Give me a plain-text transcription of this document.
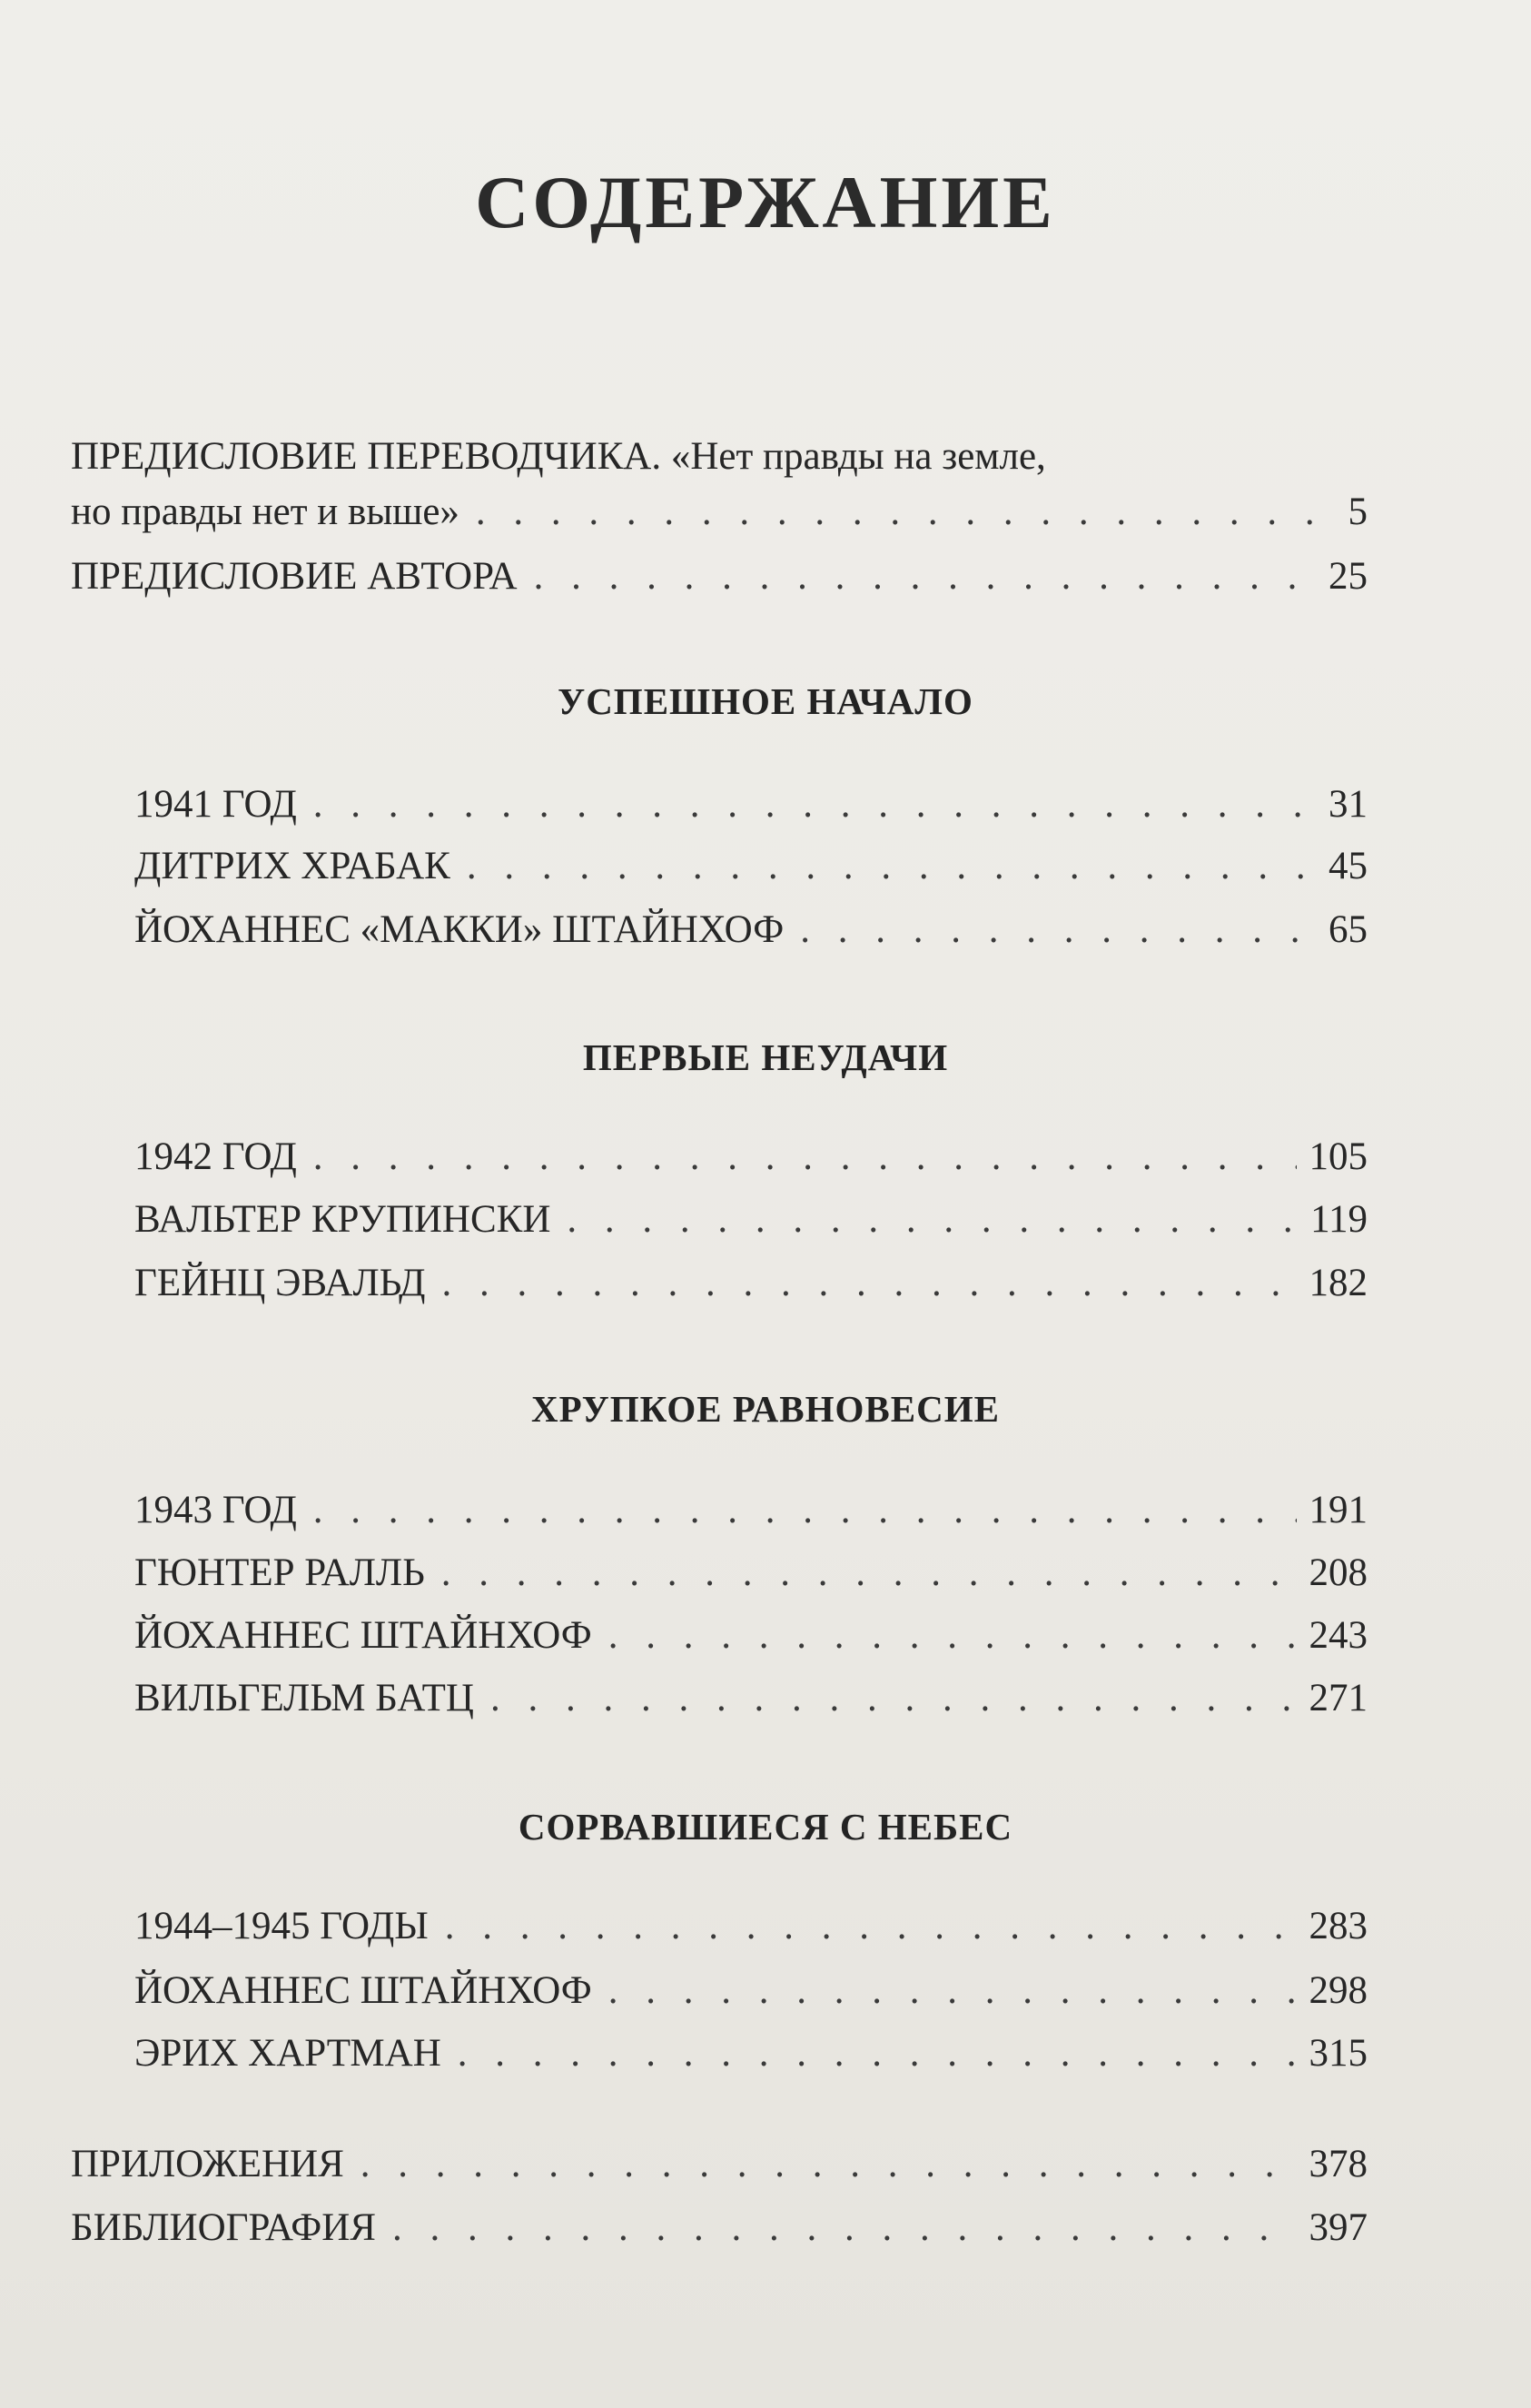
СОДЕРЖАНИЕ
ПРЕДИСЛОВИЕ ПЕРЕВОДЧИКА. «Нет правды на земле,
но правды нет и выше» . . .	5
ПРЕДИСЛОВИЕ АВТОРА . . .	25
УСПЕШНОЕ НАЧАЛО
1941 ГОД . . .	31
ДИТРИХ ХРАБАК . . .	45
ЙОХАННЕС «МАККИ» ШТАЙНХОФ . . .	65
ПЕРВЫЕ НЕУДАЧИ
1942 ГОД . . .	105
ВАЛЬТЕР КРУПИНСКИ . . .	119
ГЕЙНЦ ЭВАЛЬД . . .	182
ХРУПКОЕ РАВНОВЕСИЕ
1943 ГОД . . .	191
ГЮНТЕР РАЛЛЬ . . .	208
ЙОХАННЕС ШТАЙНХОФ . . .	243
ВИЛЬГЕЛЬМ БАТЦ . . .	271
СОРВАВШИЕСЯ С НЕБЕС
1944–1945 ГОДЫ . . .	283
ЙОХАННЕС ШТАЙНХОФ . . .	298
ЭРИХ ХАРТМАН . . .	315
ПРИЛОЖЕНИЯ . . .	378
БИБЛИОГРАФИЯ . . .	397
